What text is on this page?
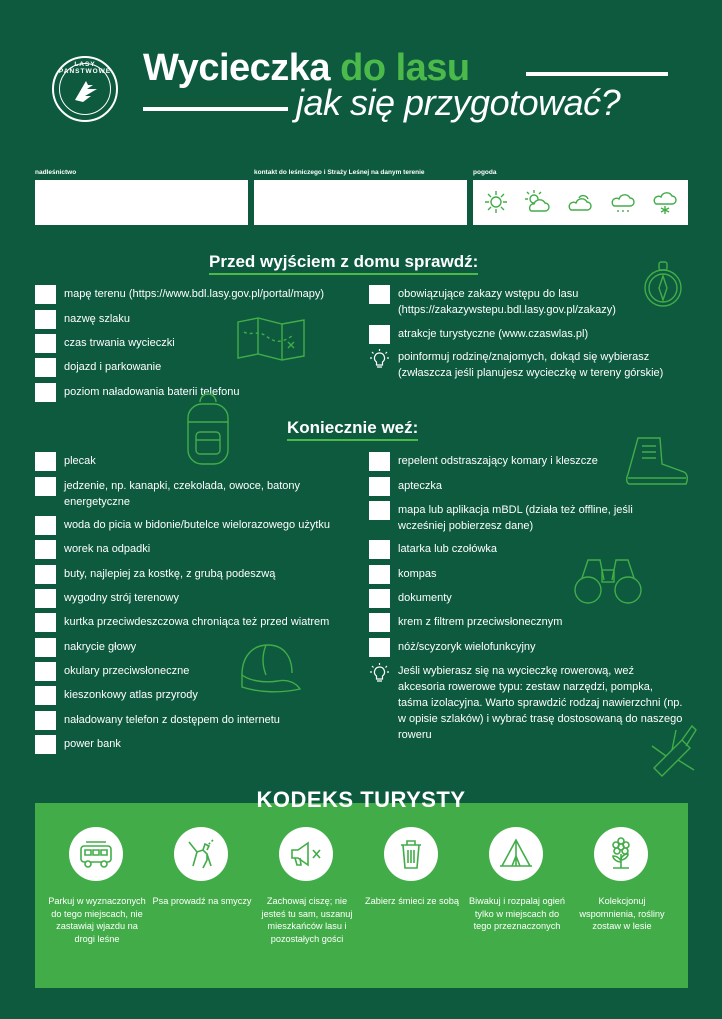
LASY PAŃSTWOWE Wycieczka do lasu
jak się przygotować?
nadleśnictwo	kontakt do leśniczego i Straży Leśnej na danym terenie	pogoda
Przed wyjściem z domu sprawdź:
mapę terenu (https://www.bdl.lasy.gov.pl/portal/mapy)
nazwę szlaku
czas trwania wycieczki
dojazd i parkowanie
poziom naładowania baterii telefonu
obowiązujące zakazy wstępu do lasu (https://zakazywstepu.bdl.lasy.gov.pl/zakazy)
atrakcje turystyczne (www.czaswlas.pl)
poinformuj rodzinę/znajomych, dokąd się wybierasz (zwłaszcza jeśli planujesz wycieczkę w tereny górskie)
Koniecznie weź:
plecak
jedzenie, np. kanapki, czekolada, owoce, batony energetyczne
woda do picia w bidonie/butelce wielorazowego użytku
worek na odpadki
buty, najlepiej za kostkę, z grubą podeszwą
wygodny strój terenowy
kurtka przeciwdeszczowa chroniąca też przed wiatrem
nakrycie głowy
okulary przeciwsłoneczne
kieszonkowy atlas przyrody
naładowany telefon z dostępem do internetu
power bank
repelent odstraszający komary i kleszcze
apteczka
mapa lub aplikacja mBDL (działa też offline, jeśli wcześniej pobierzesz dane)
latarka lub czołówka
kompas
dokumenty
krem z filtrem przeciwsłonecznym
nóż/scyzoryk wielofunkcyjny
Jeśli wybierasz się na wycieczkę rowerową, weź akcesoria rowerowe typu: zestaw narzędzi, pompka, taśma izolacyjna. Warto sprawdzić rodzaj nawierzchni (np. w opisie szlaków) i wybrać trasę dostosowaną do naszego roweru
KODEKS TURYSTY
Parkuj w wyznaczonych do tego miejscach, nie zastawiaj wjazdu na drogi leśne
Psa prowadź na smyczy	Zachowaj ciszę; nie jesteś tu sam, uszanuj mieszkańców lasu i pozostałych gości
Zabierz śmieci ze sobą	Biwakuj i rozpalaj ogień tylko w miejscach do tego przeznaczonych
Kolekcjonuj wspomnienia, rośliny zostaw w lesie
